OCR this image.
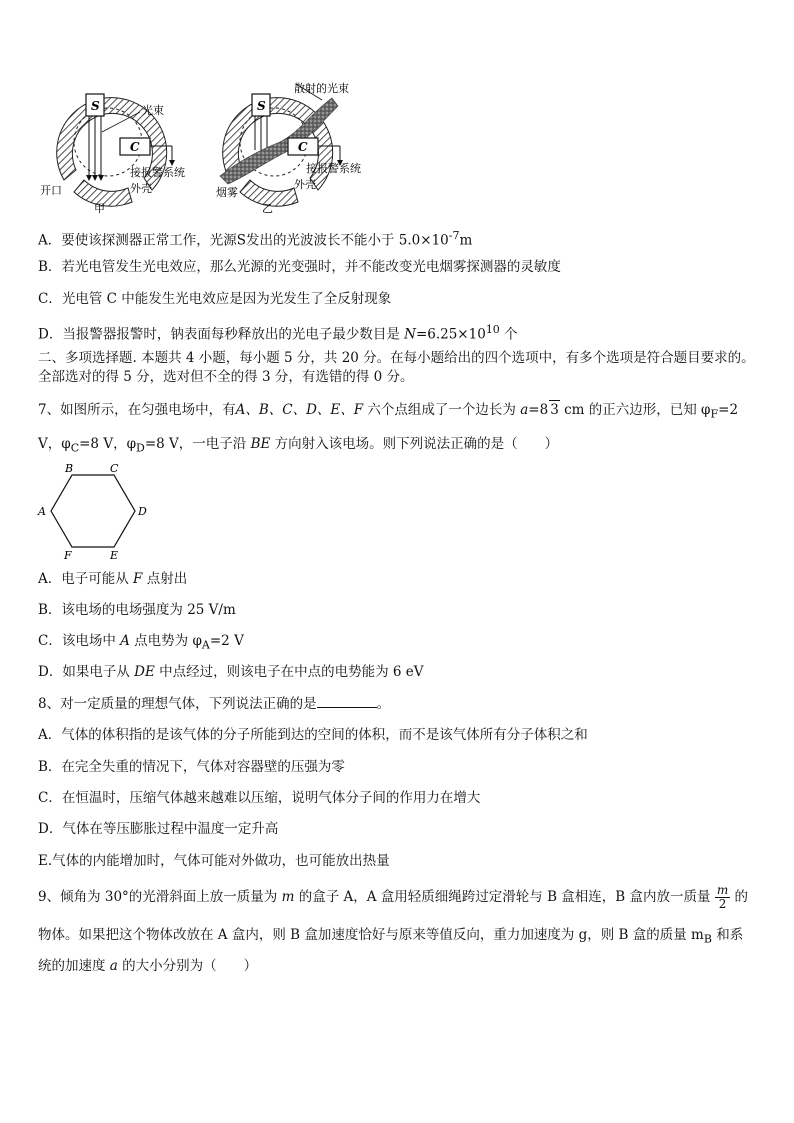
S	光束
C
接报警系统
开口	外壳
甲
S
散射的光束
C
接报警系统
烟雾
外壳
乙
A．要使该探测器正常工作，光源S发出的光波波长不能小于 $5.0\times 10^{-7}m$
B．若光电管发生光电效应，那么光源的光变强时，并不能改变光电烟雾探测器的灵敏度
C．光电管 C 中能发生光电效应是因为光发生了全反射现象
D．当报警器报警时，钠表面每秒释放出的光电子最少数目是 $N=6.25\times 10^{10}$ 个
二、多项选择题. 本题共 4 小题，每小题 5 分，共 20 分。在每小题给出的四个选项中，有多个选项是符合题目要求的。
全部选对的得 5 分，选对但不全的得 3 分，有选错的得 0 分。
7、如图所示，在匀强电场中，有A、B、C、D、E、F 六个点组成了一个边长为 a=8 3 cm 的正六边形，已知 $\varphi_F=2$
V，$\varphi_C=8$ V，$\varphi_D=8$ V，一电子沿 BE 方向射入该电场。则下列说法正确的是（　　）
B	C
A	D
F	E
A．电子可能从 F 点射出
B．该电场的电场强度为 25 V/m
C．该电场中 A 点电势为 $\varphi_A=2$ V
D．如果电子从 DE 中点经过，则该电子在中点的电势能为 6 eV
8、对一定质量的理想气体，下列说法正确的是	。
A．气体的体积指的是该气体的分子所能到达的空间的体积，而不是该气体所有分子体积之和
B．在完全失重的情况下，气体对容器壁的压强为零
C．在恒温时，压缩气体越来越难以压缩，说明气体分子间的作用力在增大
D．气体在等压膨胀过程中温度一定升高
E.气体的内能增加时，气体可能对外做功，也可能放出热量
9、倾角为 30°的光滑斜面上放一质量为 m 的盒子 A，A 盒用轻质细绳跨过定滑轮与 B 盒相连，B 盒内放一质量 $\frac{m}{2}$ 的
物体。如果把这个物体改放在 A 盒内，则 B 盒加速度恰好与原来等值反向，重力加速度为 g，则 B 盒的质量 $m_B$ 和系
统的加速度 a 的大小分别为（　　）
